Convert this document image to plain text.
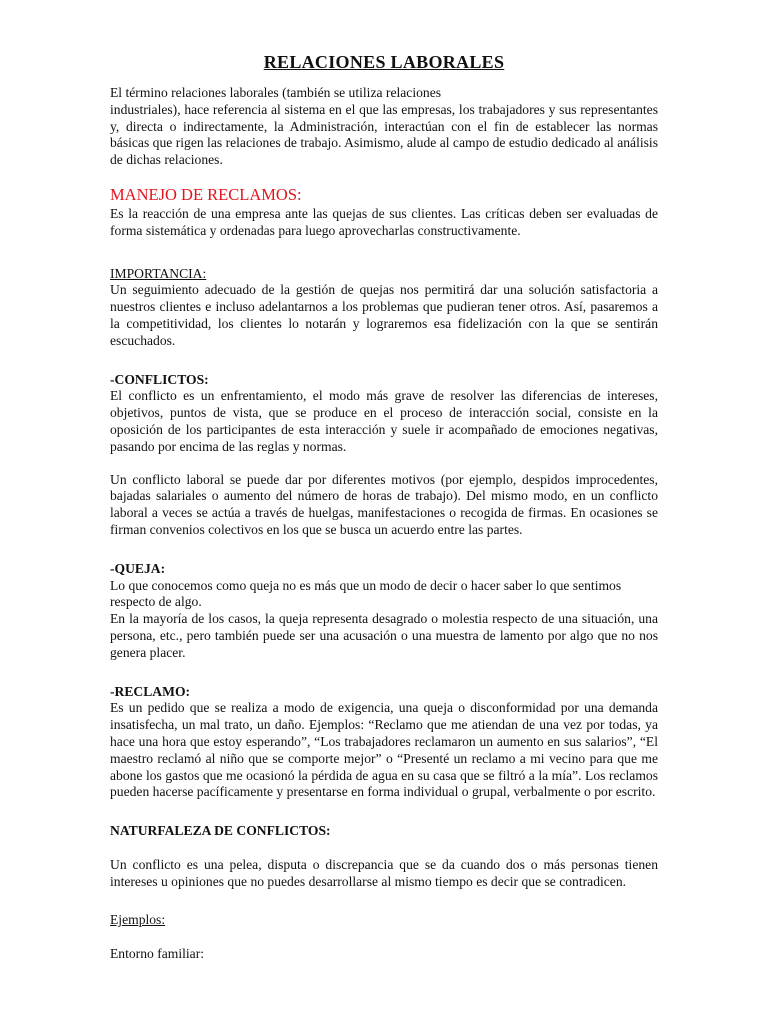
RELACIONES LABORALES

El término relaciones laborales (también se utiliza relaciones

industriales), hace referencia al sistema en el que las empresas, los trabajadores y sus representantes y, directa o indirectamente, la Administración, interactúan con el fin de establecer las normas básicas que rigen las relaciones de trabajo. Asimismo, alude al campo de estudio dedicado al análisis de dichas relaciones.

MANEJO DE RECLAMOS:

Es la reacción de una empresa ante las quejas de sus clientes. Las críticas deben ser evaluadas de forma sistemática y ordenadas para luego aprovecharlas constructivamente.

IMPORTANCIA:

Un seguimiento adecuado de la gestión de quejas nos permitirá dar una solución satisfactoria a nuestros clientes e incluso adelantarnos a los problemas que pudieran tener otros. Así, pasaremos a la competitividad, los clientes lo notarán y lograremos esa fidelización con la que se sentirán escuchados.

-CONFLICTOS:

El conflicto es un enfrentamiento, el modo más grave de resolver las diferencias de intereses, objetivos, puntos de vista, que se produce en el proceso de interacción social, consiste en la oposición de los participantes de esta interacción y suele ir acompañado de emociones negativas, pasando por encima de las reglas y normas.

Un conflicto laboral se puede dar por diferentes motivos (por ejemplo, despidos improcedentes, bajadas salariales o aumento del número de horas de trabajo). Del mismo modo, en un conflicto laboral a veces se actúa a través de huelgas, manifestaciones o recogida de firmas. En ocasiones se firman convenios colectivos en los que se busca un acuerdo entre las partes.

-QUEJA:

Lo que conocemos como queja no es más que un modo de decir o hacer saber lo que sentimos respecto de algo.

En la mayoría de los casos, la queja representa desagrado o molestia respecto de una situación, una persona, etc., pero también puede ser una acusación o una muestra de lamento por algo que no nos genera placer.

-RECLAMO:

Es un pedido que se realiza a modo de exigencia, una queja o disconformidad por una demanda insatisfecha, un mal trato, un daño. Ejemplos: “Reclamo que me atiendan de una vez por todas, ya hace una hora que estoy esperando”, “Los trabajadores reclamaron un aumento en sus salarios”, “El maestro reclamó al niño que se comporte mejor” o “Presenté un reclamo a mi vecino para que me abone los gastos que me ocasionó la pérdida de agua en su casa que se filtró a la mía”. Los reclamos pueden hacerse pacíficamente y presentarse en forma individual o grupal, verbalmente o por escrito.

NATURFALEZA DE CONFLICTOS:

Un conflicto es una pelea, disputa o discrepancia que se da cuando dos o más personas tienen intereses u opiniones que no puedes desarrollarse al mismo tiempo es decir que se contradicen.

Ejemplos:

Entorno familiar:
